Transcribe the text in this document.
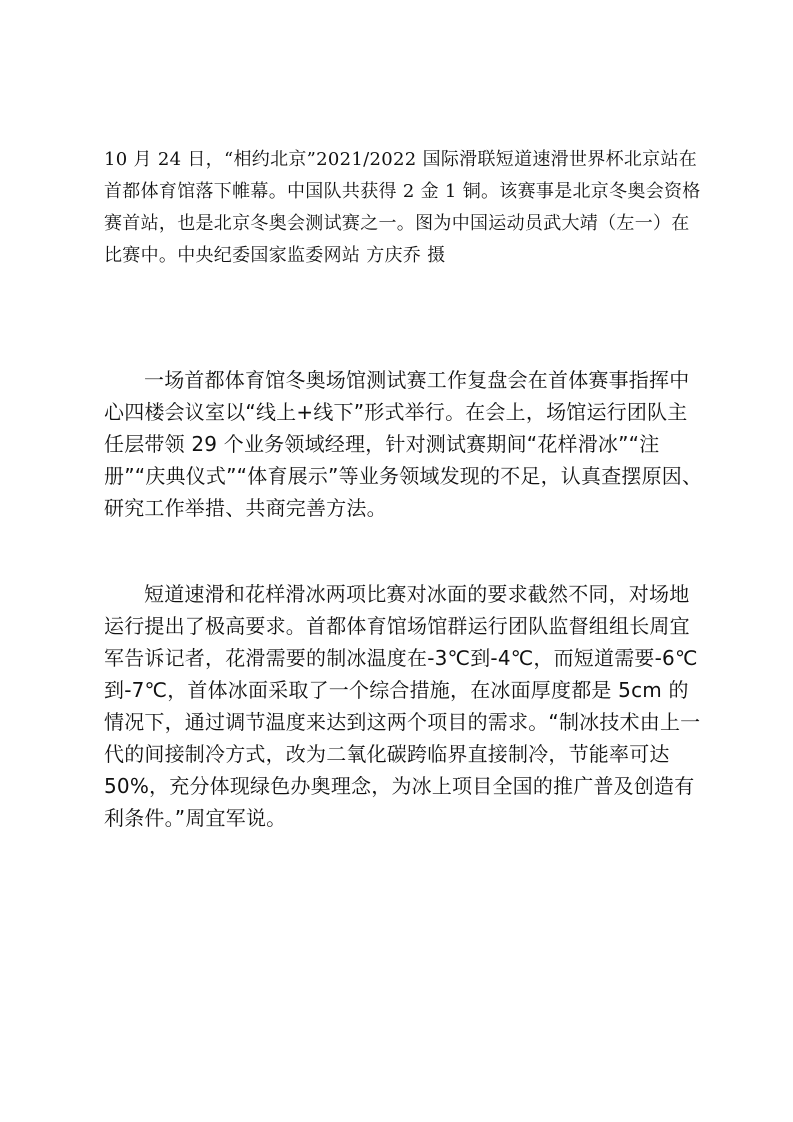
10 月 24 日，“相约北京”2021/2022 国际滑联短道速滑世界杯北京站在首都体育馆落下帷幕。中国队共获得 2 金 1 铜。该赛事是北京冬奥会资格赛首站，也是北京冬奥会测试赛之一。图为中国运动员武大靖（左一）在比赛中。中央纪委国家监委网站 方庆乔 摄

一场首都体育馆冬奥场馆测试赛工作复盘会在首体赛事指挥中心四楼会议室以“线上+线下”形式举行。在会上，场馆运行团队主任层带领 29 个业务领域经理，针对测试赛期间“花样滑冰”“注册”“庆典仪式”“体育展示”等业务领域发现的不足，认真查摆原因、研究工作举措、共商完善方法。

短道速滑和花样滑冰两项比赛对冰面的要求截然不同，对场地运行提出了极高要求。首都体育馆场馆群运行团队监督组组长周宜军告诉记者，花滑需要的制冰温度在-3℃到-4℃，而短道需要-6℃到-7℃，首体冰面采取了一个综合措施，在冰面厚度都是 5cm 的情况下，通过调节温度来达到这两个项目的需求。“制冰技术由上一代的间接制冷方式，改为二氧化碳跨临界直接制冷，节能率可达 50%，充分体现绿色办奥理念，为冰上项目全国的推广普及创造有利条件。”周宜军说。
